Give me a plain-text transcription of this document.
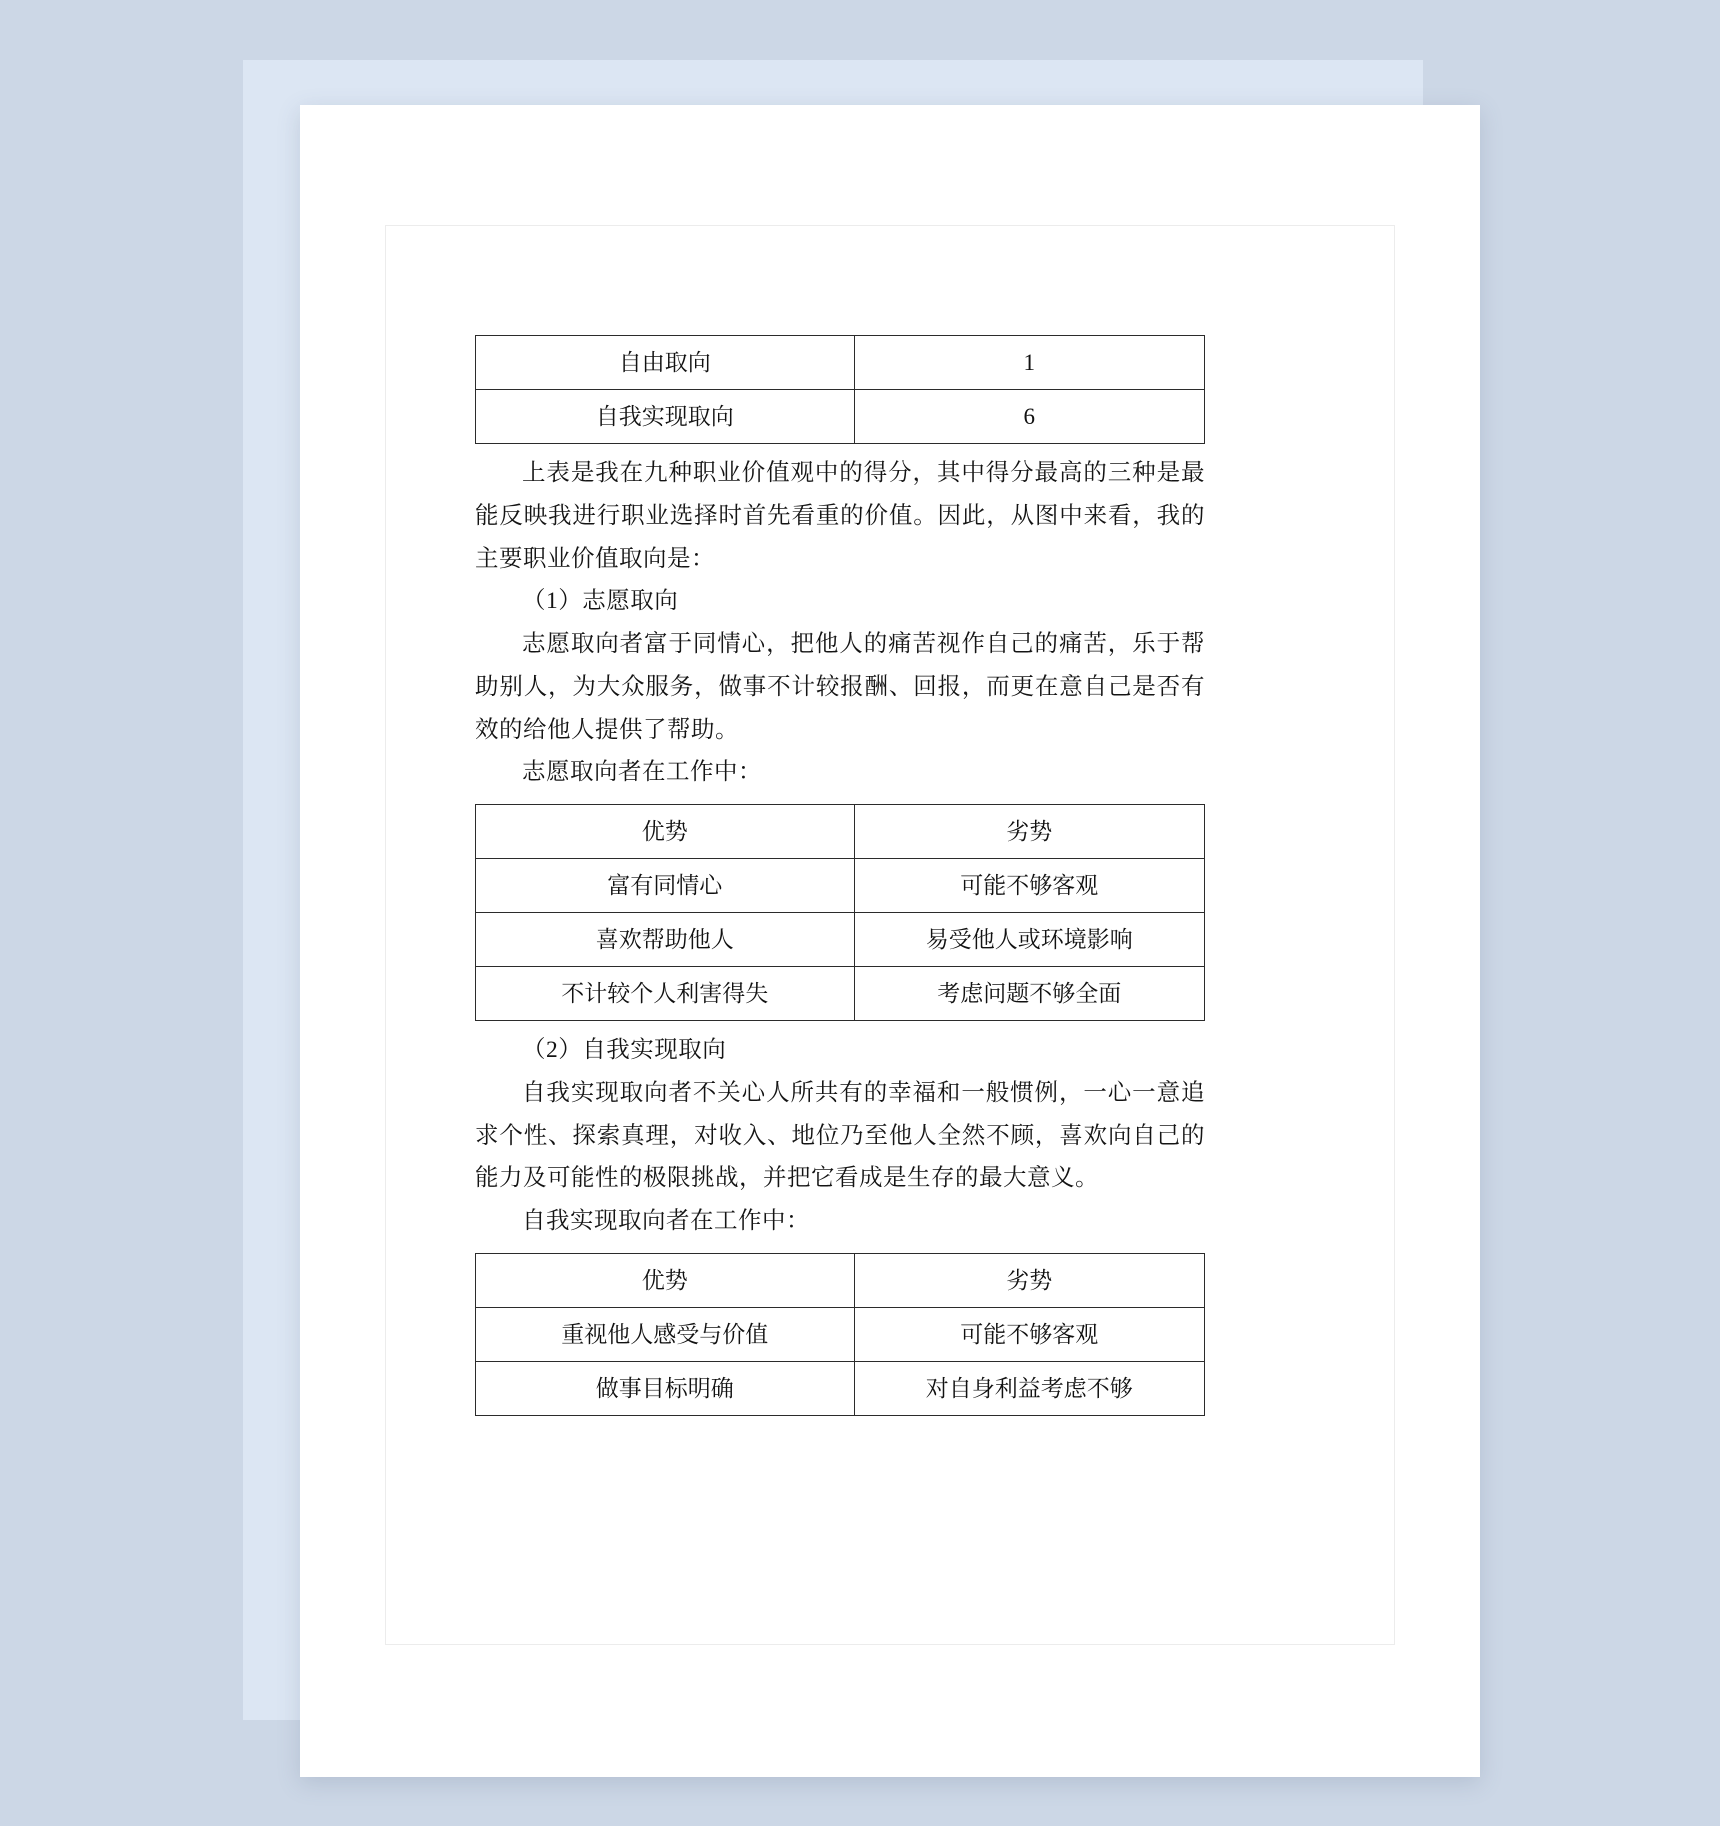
自由取向	1
自我实现取向	6

上表是我在九种职业价值观中的得分，其中得分最高的三种是最能反映我进行职业选择时首先看重的价值。因此，从图中来看，我的主要职业价值取向是：

（1）志愿取向

志愿取向者富于同情心，把他人的痛苦视作自己的痛苦，乐于帮助别人，为大众服务，做事不计较报酬、回报，而更在意自己是否有效的给他人提供了帮助。

志愿取向者在工作中：

优势	劣势
富有同情心	可能不够客观
喜欢帮助他人	易受他人或环境影响
不计较个人利害得失	考虑问题不够全面

（2）自我实现取向

自我实现取向者不关心人所共有的幸福和一般惯例，一心一意追求个性、探索真理，对收入、地位乃至他人全然不顾，喜欢向自己的能力及可能性的极限挑战，并把它看成是生存的最大意义。

自我实现取向者在工作中：

优势	劣势
重视他人感受与价值	可能不够客观
做事目标明确	对自身利益考虑不够
